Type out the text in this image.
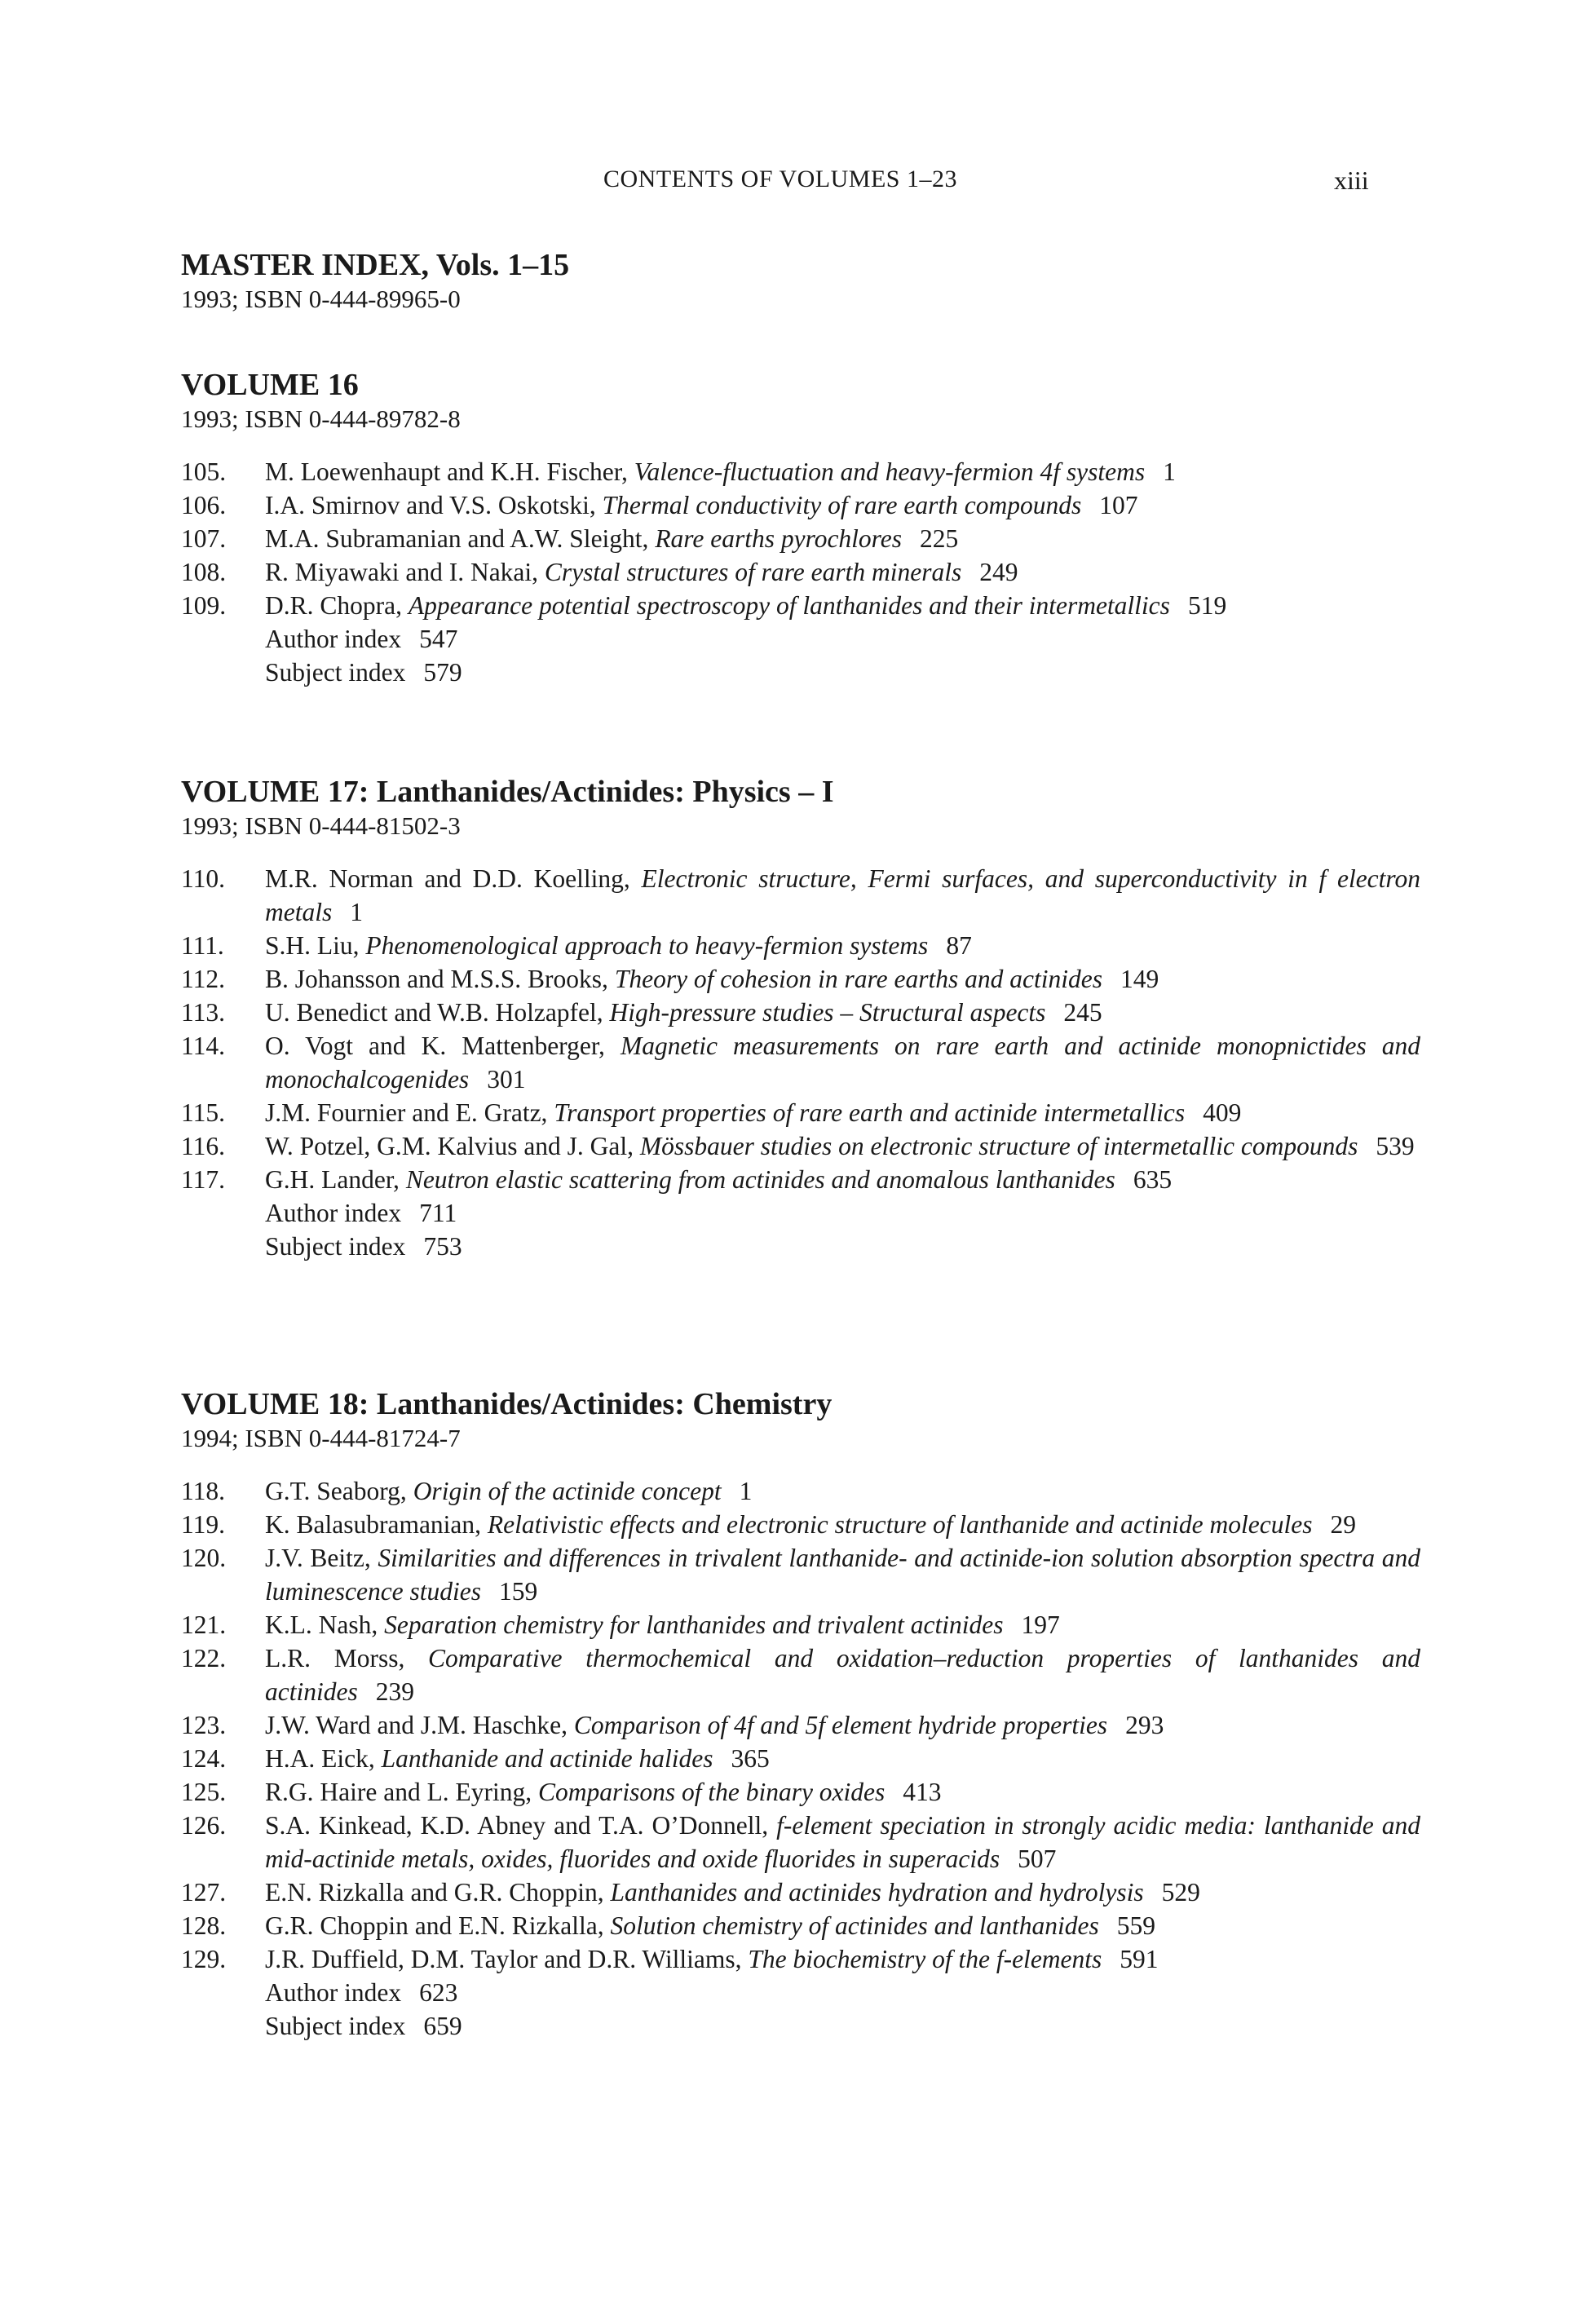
CONTENTS OF VOLUMES 1–23	xiii
MASTER INDEX, Vols. 1–15
1993; ISBN 0-444-89965-0
VOLUME 16
1993; ISBN 0-444-89782-8
105. M. Loewenhaupt and K.H. Fischer, Valence-fluctuation and heavy-fermion 4f systems 1
106. I.A. Smirnov and V.S. Oskotski, Thermal conductivity of rare earth compounds 107
107. M.A. Subramanian and A.W. Sleight, Rare earths pyrochlores 225
108. R. Miyawaki and I. Nakai, Crystal structures of rare earth minerals 249
109. D.R. Chopra, Appearance potential spectroscopy of lanthanides and their intermetallics 519
Author index 547
Subject index 579
VOLUME 17: Lanthanides/Actinides: Physics – I
1993; ISBN 0-444-81502-3
110. M.R. Norman and D.D. Koelling, Electronic structure, Fermi surfaces, and superconductivity in f electron metals 1
111. S.H. Liu, Phenomenological approach to heavy-fermion systems 87
112. B. Johansson and M.S.S. Brooks, Theory of cohesion in rare earths and actinides 149
113. U. Benedict and W.B. Holzapfel, High-pressure studies – Structural aspects 245
114. O. Vogt and K. Mattenberger, Magnetic measurements on rare earth and actinide monopnictides and monochalcogenides 301
115. J.M. Fournier and E. Gratz, Transport properties of rare earth and actinide intermetallics 409
116. W. Potzel, G.M. Kalvius and J. Gal, Mössbauer studies on electronic structure of intermetallic compounds 539
117. G.H. Lander, Neutron elastic scattering from actinides and anomalous lanthanides 635
Author index 711
Subject index 753
VOLUME 18: Lanthanides/Actinides: Chemistry
1994; ISBN 0-444-81724-7
118. G.T. Seaborg, Origin of the actinide concept 1
119. K. Balasubramanian, Relativistic effects and electronic structure of lanthanide and actinide molecules 29
120. J.V. Beitz, Similarities and differences in trivalent lanthanide- and actinide-ion solution absorption spectra and luminescence studies 159
121. K.L. Nash, Separation chemistry for lanthanides and trivalent actinides 197
122. L.R. Morss, Comparative thermochemical and oxidation–reduction properties of lanthanides and actinides 239
123. J.W. Ward and J.M. Haschke, Comparison of 4f and 5f element hydride properties 293
124. H.A. Eick, Lanthanide and actinide halides 365
125. R.G. Haire and L. Eyring, Comparisons of the binary oxides 413
126. S.A. Kinkead, K.D. Abney and T.A. O’Donnell, f-element speciation in strongly acidic media: lanthanide and mid-actinide metals, oxides, fluorides and oxide fluorides in superacids 507
127. E.N. Rizkalla and G.R. Choppin, Lanthanides and actinides hydration and hydrolysis 529
128. G.R. Choppin and E.N. Rizkalla, Solution chemistry of actinides and lanthanides 559
129. J.R. Duffield, D.M. Taylor and D.R. Williams, The biochemistry of the f-elements 591
Author index 623
Subject index 659
